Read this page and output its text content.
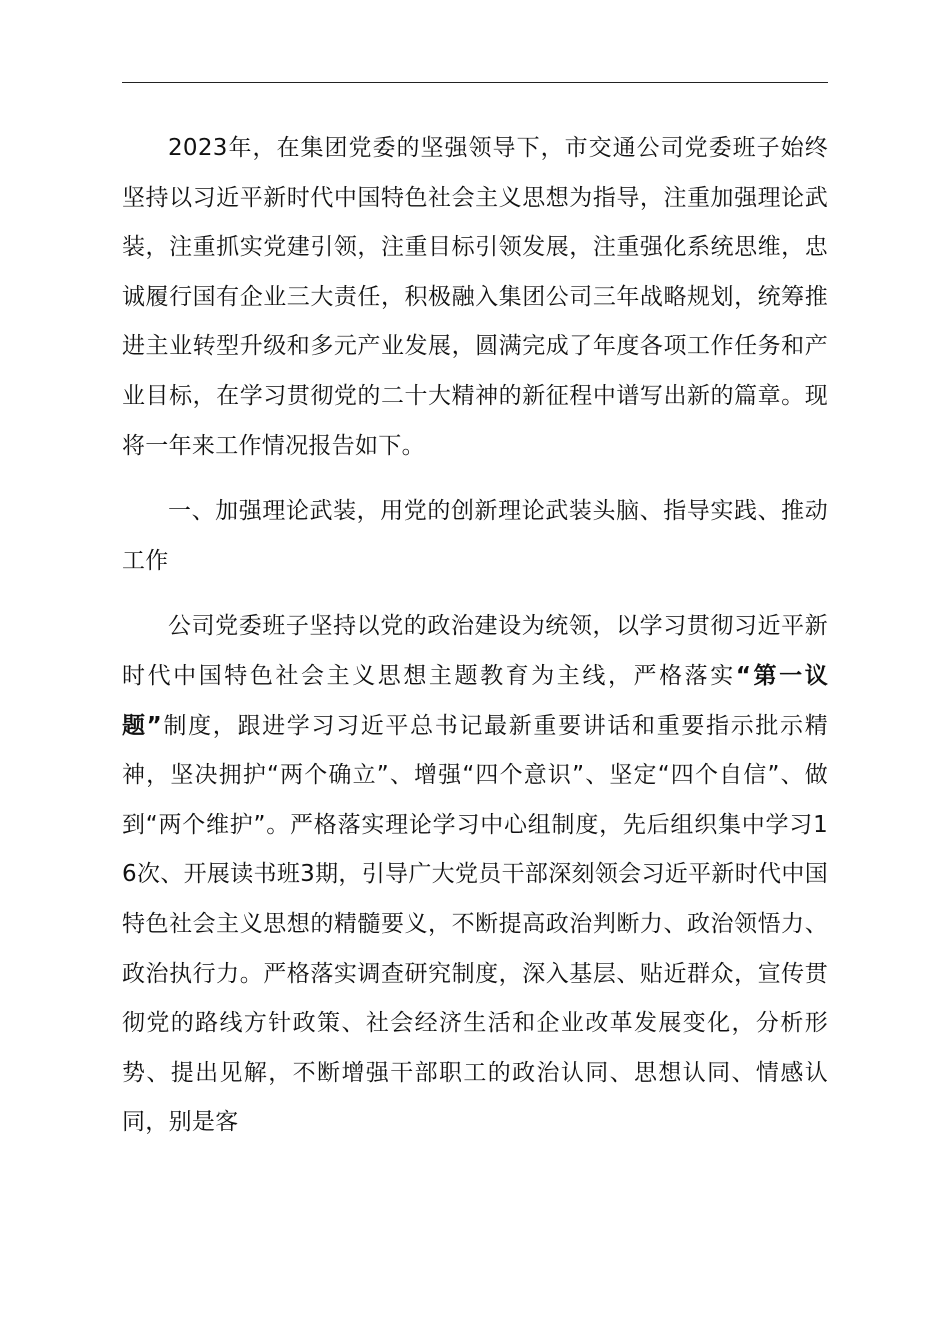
2023年，在集团党委的坚强领导下，市交通公司党委班子始终坚持以习近平新时代中国特色社会主义思想为指导，注重加强理论武装，注重抓实党建引领，注重目标引领发展，注重强化系统思维，忠诚履行国有企业三大责任，积极融入集团公司三年战略规划，统筹推进主业转型升级和多元产业发展，圆满完成了年度各项工作任务和产业目标，在学习贯彻党的二十大精神的新征程中谱写出新的篇章。现将一年来工作情况报告如下。

一、加强理论武装，用党的创新理论武装头脑、指导实践、推动工作

公司党委班子坚持以党的政治建设为统领，以学习贯彻习近平新时代中国特色社会主义思想主题教育为主线，严格落实“第一议题”制度，跟进学习习近平总书记最新重要讲话和重要指示批示精神，坚决拥护“两个确立”、增强“四个意识”、坚定“四个自信”、做到“两个维护”。严格落实理论学习中心组制度，先后组织集中学习16次、开展读书班3期，引导广大党员干部深刻领会习近平新时代中国特色社会主义思想的精髓要义，不断提高政治判断力、政治领悟力、政治执行力。严格落实调查研究制度，深入基层、贴近群众，宣传贯彻党的路线方针政策、社会经济生活和企业改革发展变化，分析形势、提出见解，不断增强干部职工的政治认同、思想认同、情感认同，别是客
